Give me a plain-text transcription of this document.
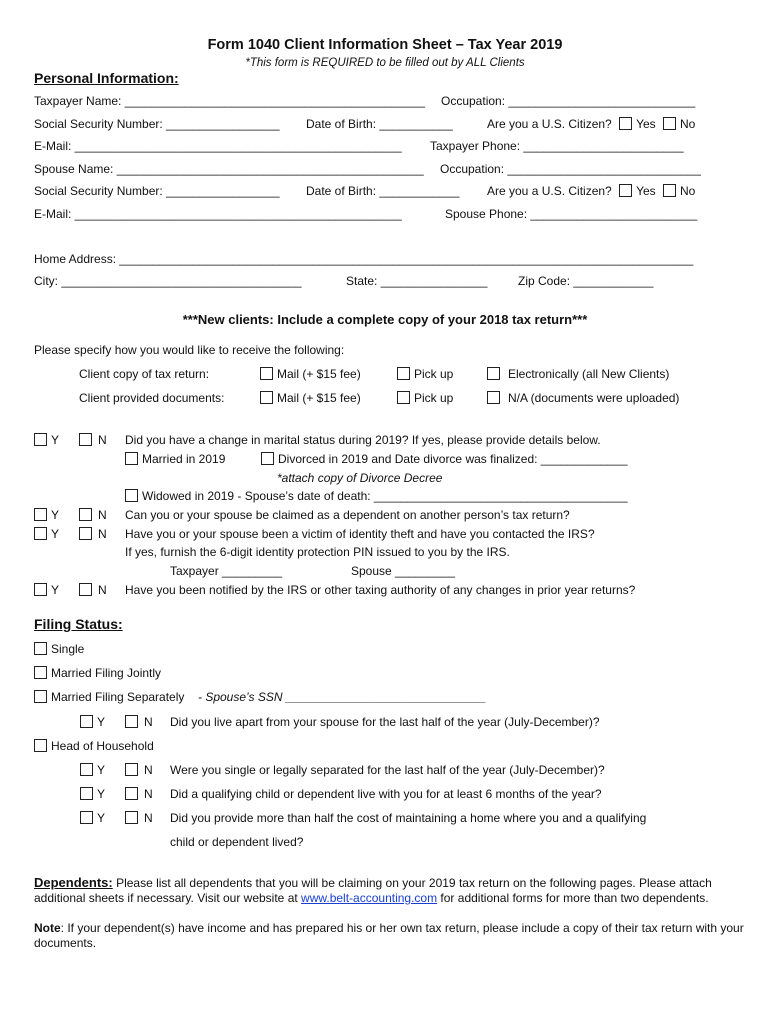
Form 1040 Client Information Sheet – Tax Year 2019
*This form is REQUIRED to be filled out by ALL Clients
Personal Information:
Taxpayer Name: _____________________________________________ Occupation: ____________________________
Social Security Number: _________________ Date of Birth: ___________	Are you a U.S. Citizen? Yes No
E-Mail: _________________________________________________ Taxpayer Phone: ________________________
Spouse Name: ______________________________________________ Occupation: _____________________________
Social Security Number: _________________ Date of Birth: ____________ Are you a U.S. Citizen? Yes No
E-Mail: _________________________________________________	Spouse Phone: _________________________
Home Address: ______________________________________________________________________________________
City: ____________________________________	State: ________________	Zip Code: ____________
***New clients: Include a complete copy of your 2018 tax return***
Please specify how you would like to receive the following:
Client copy of tax return:	Mail (+ $15 fee)	Pick up	Electronically (all New Clients)
Client provided documents:	Mail (+ $15 fee)	Pick up	N/A (documents were uploaded)
Y	N Did you have a change in marital status during 2019? If yes, please provide details below.
Married in 2019	Divorced in 2019 and Date divorce was finalized: _____________
*attach copy of Divorce Decree
Widowed in 2019 - Spouse’s date of death: ______________________________________
Y	N Can you or your spouse be claimed as a dependent on another person’s tax return?
Y	N Have you or your spouse been a victim of identity theft and have you contacted the IRS?
If yes, furnish the 6-digit identity protection PIN issued to you by the IRS.
Taxpayer _________	Spouse _________
Y	N Have you been notified by the IRS or other taxing authority of any changes in prior year returns?
Filing Status:
Single
Married Filing Jointly
Married Filing Separately - Spouse’s SSN ______________________________
Y	N Did you live apart from your spouse for the last half of the year (July-December)?
Head of Household
Y	N Were you single or legally separated for the last half of the year (July-December)?
Y	N Did a qualifying child or dependent live with you for at least 6 months of the year?
Y	N Did you provide more than half the cost of maintaining a home where you and a qualifying
child or dependent lived?
Dependents: Please list all dependents that you will be claiming on your 2019 tax return on the following pages. Please attach additional sheets if necessary. Visit our website at www.belt-accounting.com for additional forms for more than two dependents.
Note: If your dependent(s) have income and has prepared his or her own tax return, please include a copy of their tax return with your documents.
